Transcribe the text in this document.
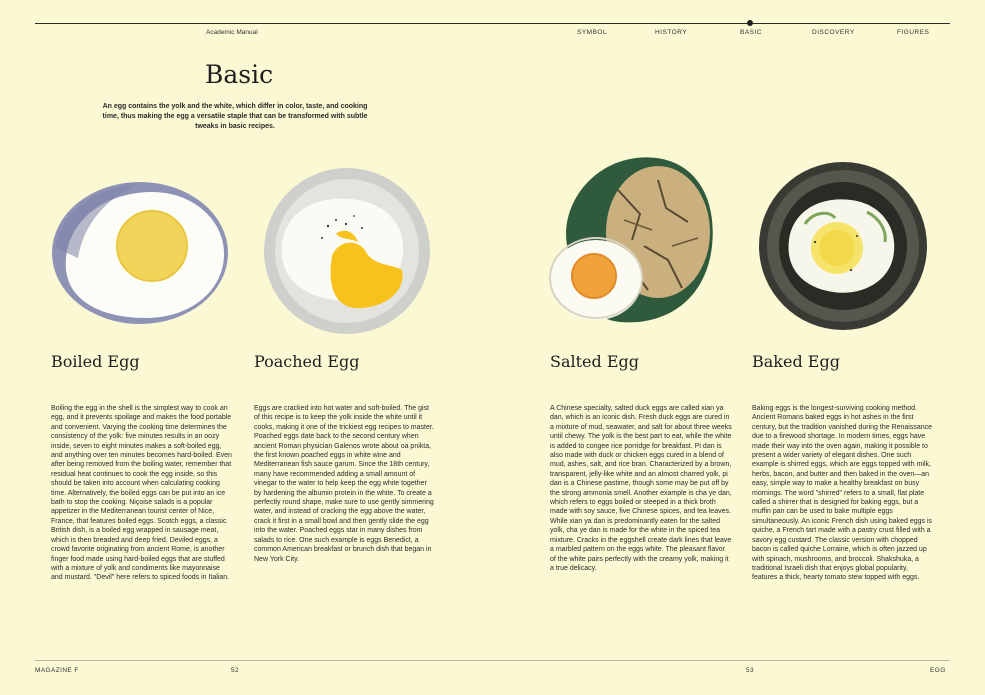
Academic Manual	SYMBOL	HISTORY	BASIC	DISCOVERY	FIGURES
Basic
An egg contains the yolk and the white, which differ in color, taste, and cooking time, thus making the egg a versatile staple that can be transformed with subtle tweaks in basic recipes.
Boiled Egg	Poached Egg	Salted Egg	Baked Egg
Boiling the egg in the shell is the simplest way to cook an egg, and it prevents spoilage and makes the food portable and convenient. Varying the cooking time determines the consistency of the yolk: five minutes results in an oozy inside, seven to eight minutes makes a soft-boiled egg, and anything over ten minutes becomes hard-boiled. Even after being removed from the boiling water, remember that residual heat continues to cook the egg inside, so this should be taken into account when calculating cooking time. Alternatively, the boiled eggs can be put into an ice bath to stop the cooking. Niçoise salads is a popular appetizer in the Mediterranean tourist center of Nice, France, that features boiled eggs. Scotch eggs, a classic British dish, is a boiled egg wrapped in sausage meat, which is then breaded and deep fried. Deviled eggs, a crowd favorite originating from ancient Rome, is another finger food made using hard-boiled eggs that are stuffed with a mixture of yolk and condiments like mayonnaise and mustard. "Devil" here refers to spiced foods in Italian.
Eggs are cracked into hot water and soft-boiled. The gist of this recipe is to keep the yolk inside the white until it cooks, making it one of the trickiest egg recipes to master. Poached eggs date back to the second century when ancient Roman physician Galenos wrote about oa pnikta, the first known poached eggs in white wine and Mediterranean fish sauce garum. Since the 18th century, many have recommended adding a small amount of vinegar to the water to help keep the egg white together by hardening the albumin protein in the white. To create a perfectly round shape, make sure to use gently simmering water, and instead of cracking the egg above the water, crack it first in a small bowl and then gently slide the egg into the water. Poached eggs star in many dishes from salads to rice. One such example is eggs Benedict, a common American breakfast or brunch dish that began in New York City.
A Chinese specialty, salted duck eggs are called xian ya dan, which is an iconic dish. Fresh duck eggs are cured in a mixture of mud, seawater, and salt for about three weeks until chewy. The yolk is the best part to eat, while the white is added to congee rice porridge for breakfast. Pi dan is also made with duck or chicken eggs cured in a blend of mud, ashes, salt, and rice bran. Characterized by a brown, transparent, jelly-like white and an almost charred yolk, pi dan is a Chinese pastime, though some may be put off by the strong ammonia smell. Another example is cha ye dan, which refers to eggs boiled or steeped in a thick broth made with soy sauce, five Chinese spices, and tea leaves. While xian ya dan is predominantly eaten for the salted yolk, cha ye dan is made for the white in the spiced tea mixture. Cracks in the eggshell create dark lines that leave a marbled pattern on the eggs white. The pleasant flavor of the white pairs perfectly with the creamy yolk, making it a true delicacy.
Baking eggs is the longest-surviving cooking method. Ancient Romans baked eggs in hot ashes in the first century, but the tradition vanished during the Renaissance due to a firewood shortage. In modern times, eggs have made their way into the oven again, making it possible to present a wider variety of elegant dishes. One such example is shirred eggs, which are eggs topped with milk, herbs, bacon, and butter and then baked in the oven—an easy, simple way to make a healthy breakfast on busy mornings. The word "shirred" refers to a small, flat plate called a shirrer that is designed for baking eggs, but a muffin pan can be used to bake multiple eggs simultaneously. An iconic French dish using baked eggs is quiche, a French tart made with a pastry crust filled with a savory egg custard. The classic version with chopped bacon is called quiche Lorraine, which is often jazzed up with spinach, mushrooms, and broccoli. Shakshuka, a traditional Israeli dish that enjoys global popularity, features a thick, hearty tomato stew topped with eggs.
MAGAZINE F	52	53	EGG
